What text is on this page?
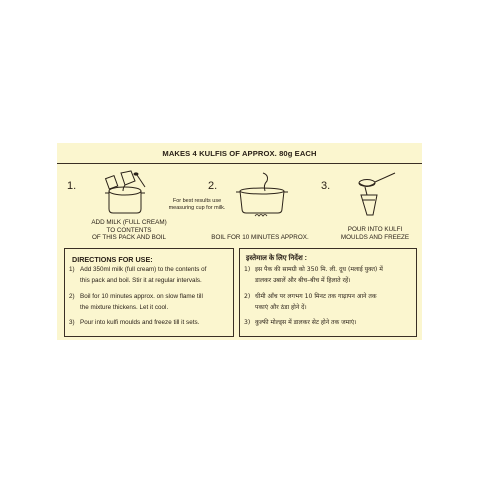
MAKES 4 KULFIS OF APPROX. 80g EACH
1.
ADD MILK (FULL CREAM)
TO CONTENTS
OF THIS PACK AND BOIL
2.
For best results use
measuring cup for milk.
BOIL FOR 10 MINUTES APPROX.
3.
POUR INTO KULFI
MOULDS AND FREEZE
DIRECTIONS FOR USE:
1) Add 350ml milk (full cream) to the contents of
this pack and boil. Stir it at regular intervals.
2) Boil for 10 minutes approx. on slow flame till
the mixture thickens. Let it cool.
3) Pour into kulfi moulds and freeze till it sets.
इस्तेमाल के लिए निर्देश :
1) इस पैक की सामग्री को 350 मि. ली. दूध (मलाई युक्त) में
डालकर उबालें और बीच–बीच में हिलाते रहें।
2) धीमी आँच पर लगभग 10 मिनट तक गाढ़ापन आने तक
पकाएं और ठंडा होने दें।
3) कुल्फी मोल्ड्स में डालकर सेट होने तक जमाएं।
